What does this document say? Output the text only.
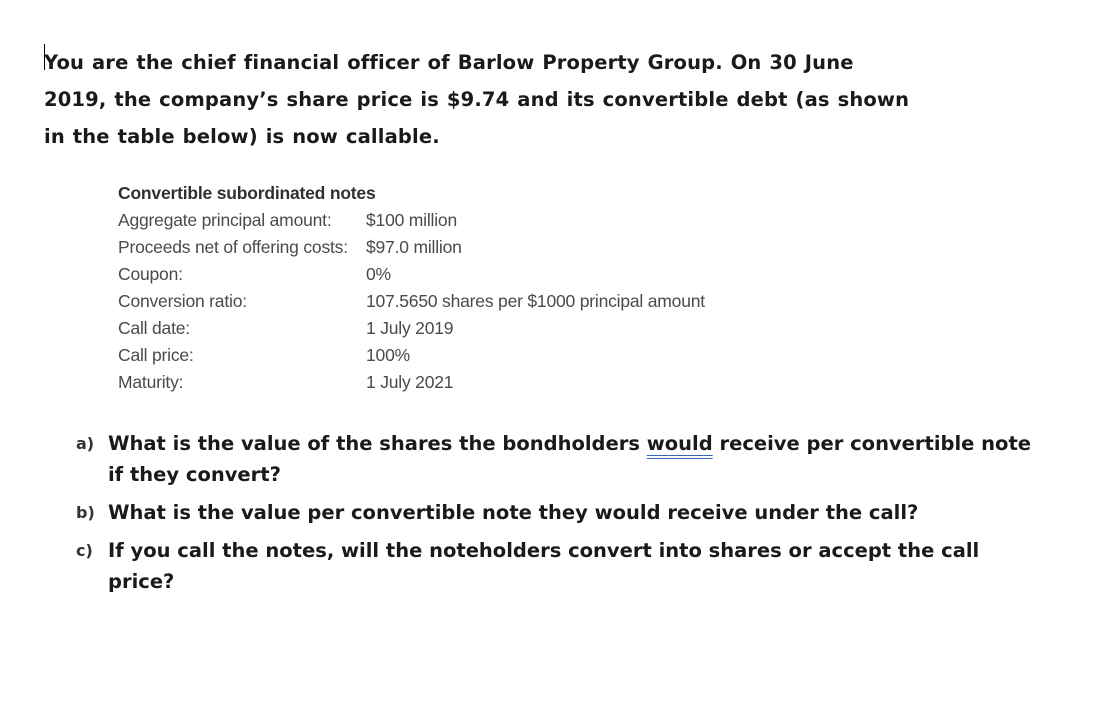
You are the chief financial officer of Barlow Property Group. On 30 June
2019, the company’s share price is $9.74 and its convertible debt (as shown
in the table below) is now callable.
Convertible subordinated notes
Aggregate principal amount:	$100 million
Proceeds net of offering costs:	$97.0 million
Coupon:	0%
Conversion ratio:	107.5650 shares per $1000 principal amount
Call date:	1 July 2019
Call price:	100%
Maturity:	1 July 2021
a) What is the value of the shares the bondholders would receive per convertible note
if they convert?
b) What is the value per convertible note they would receive under the call?
c) If you call the notes, will the noteholders convert into shares or accept the call
price?
